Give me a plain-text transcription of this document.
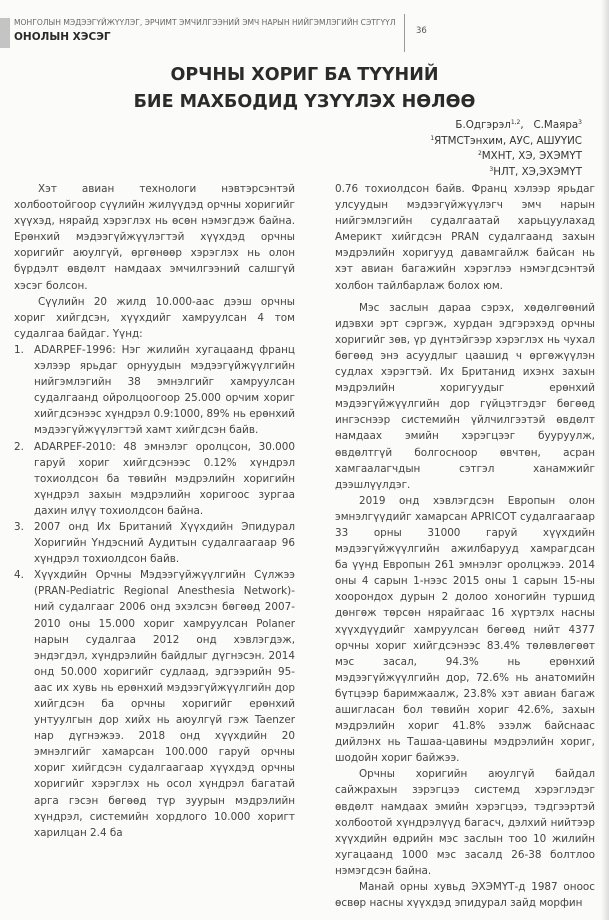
МОНГОЛЫН МЭДЭЭГҮЙЖҮҮЛЭГ, ЭРЧИМТ ЭМЧИЛГЭЭНИЙ ЭМЧ НАРЫН НИЙГЭМЛЭГИЙН СЭТГҮҮЛ
ОНОЛЫН ХЭСЭГ	36
ОРЧНЫ ХОРИГ БА ТҮҮНИЙ
БИЕ МАХБОДИД ҮЗҮҮЛЭХ НӨЛӨӨ
Б.Одгэрэл$^{1,2}$,   С.Маяра$^3$
$^1$ЯТМСТэнхим, АУС, АШУҮИС
$^2$МХНТ, ХЭ, ЭХЭМҮТ
$^3$НЛТ, ХЭ,ЭХЭМҮТ

Хэт авиан технологи нэвтэрсэнтэй холбоотойгоор сүүлийн жилүүдэд орчны хоригийг хүүхэд, нярайд хэрэглэх нь өсөн нэмэгдэж байна. Ерөнхий мэдээгүйжүүлэгтэй хүүхдэд орчны хоригийг аюулгүй, өргөнөөр хэрэглэх нь олон бүрдэлт өвдөлт намдаах эмчилгээний салшгүй хэсэг болсон.

Сүүлийн 20 жилд 10.000-аас дээш орчны хориг хийгдсэн, хүүхдийг хамруулсан 4 том судалгаа байдаг. Үүнд:

1. ADARPEF-1996: Нэг жилийн хугацаанд франц хэлээр ярьдаг орнуудын мэдээгүйжүүлгийн нийгэмлэгийн 38 эмнэлгийг хамруулсан судалгаанд ойролцоогоор 25.000 орчим хориг хийгдсэнээс хүндрэл 0.9:1000, 89% нь ерөнхий мэдээгүйжүүлэгтэй хамт хийгдсэн байв.
2. ADARPEF-2010: 48 эмнэлэг оролцсон, 30.000 гаруй хориг хийгдсэнээс 0.12% хүндрэл тохиолдсон ба төвийн мэдрэлийн хоригийн хүндрэл захын мэдрэлийн хоригоос зургаа дахин илүү тохиолдсон байна.
3. 2007 онд Их Британий Хүүхдийн Эпидурал Хоригийн Үндэсний Аудитын судалгаагаар 96 хүндрэл тохиолдсон байв.
4. Хүүхдийн Орчны Мэдээгүйжүүлгийн Сүлжээ (PRAN-Pediatric Regional Anesthesia Network)-ний судалгааг 2006 онд эхэлсэн бөгөөд 2007-2010 оны 15.000 хориг хамруулсан Polaner нарын судалгаа 2012 онд хэвлэгдэж, эндэгдэл, хүндрэлийн байдлыг дүгнэсэн. 2014 онд 50.000 хоригийг судлаад, эдгээрийн 95-аас их хувь нь ерөнхий мэдээгүйжүүлгийн дор хийгдсэн ба орчны хоригийг ерөнхий унтуулгын дор хийх нь аюулгүй гэж Taenzer нар дүгнэжээ. 2018 онд хүүхдийн 20 эмнэлгийг хамарсан 100.000 гаруй орчны хориг хийгдсэн судалгаагаар хүүхдэд орчны хоригийг хэрэглэх нь осол хүндрэл багатай арга гэсэн бөгөөд түр зуурын мэдрэлийн хүндрэл, системийн хордлого 10.000 хоригт харилцан 2.4 ба

0.76 тохиолдсон байв. Франц хэлээр ярьдаг улсуудын мэдээгүйжүүлэгч эмч нарын нийгэмлэгийн судалгаатай харьцуулахад Америкт хийгдсэн PRAN судалгаанд захын мэдрэлийн хоригууд давамгайлж байсан нь хэт авиан багажийн хэрэглээ нэмэгдсэнтэй холбон тайлбарлаж болох юм.

Мэс заслын дараа сэрэх, хөдөлгөөний идэвхи эрт сэргэж, хурдан эдгэрэхэд орчны хоригийг зөв, үр дүнтэйгээр хэрэглэх нь чухал бөгөөд энэ асуудлыг цаашид ч өргөжүүлэн судлах хэрэгтэй. Их Британид ихэнх захын мэдрэлийн хоригуудыг ерөнхий мэдээгүйжүүлгийн дор гүйцэтгэдэг бөгөөд ингэснээр системийн үйлчилгээтэй өвдөлт намдаах эмийн хэрэгцээг бууруулж, өвдөлтгүй болгосноор өвчтөн, асран хамгаалагчдын сэтгэл ханамжийг дээшлүүлдэг.

2019 онд хэвлэгдсэн Европын олон эмнэлгүүдийг хамарсан APRICOT судалгаагаар 33 орны 31000 гаруй хүүхдийн мэдээгүйжүүлгийн ажилбарууд хамрагдсан ба үүнд Европын 261 эмнэлэг оролцжээ. 2014 оны 4 сарын 1-нээс 2015 оны 1 сарын 15-ны хоорондох дурын 2 долоо хоногийн туршид дөнгөж төрсөн нярайгаас 16 хүртэлх насны хүүхдүүдийг хамруулсан бөгөөд нийт 4377 орчны хориг хийгдсэнээс 83.4% төлөвлөгөөт мэс засал, 94.3% нь ерөнхий мэдээгүйжүүлгийн дор, 72.6% нь анатомийн бүтцээр баримжаалж, 23.8% хэт авиан багаж ашигласан бол төвийн хориг 42.6%, захын мэдрэлийн хориг 41.8% эзэлж байснаас дийлэнх нь Ташаа-цавины мэдрэлийн хориг, шодойн хориг байжээ.

Орчны хоригийн аюулгүй байдал сайжрахын зэрэгцээ системд хэрэглэдэг өвдөлт намдаах эмийн хэрэгцээ, тэдгээртэй холбоотой хүндрэлүүд багасч, дэлхий нийтээр хүүхдийн өдрийн мэс заслын тоо 10 жилийн хугацаанд 1000 мэс засалд 26-38 болтлоо нэмэгдсэн байна.

Манай орны хувьд ЭХЭМҮТ-д 1987 оноос өсвөр насны хүүхдэд эпидурал зайд морфин
